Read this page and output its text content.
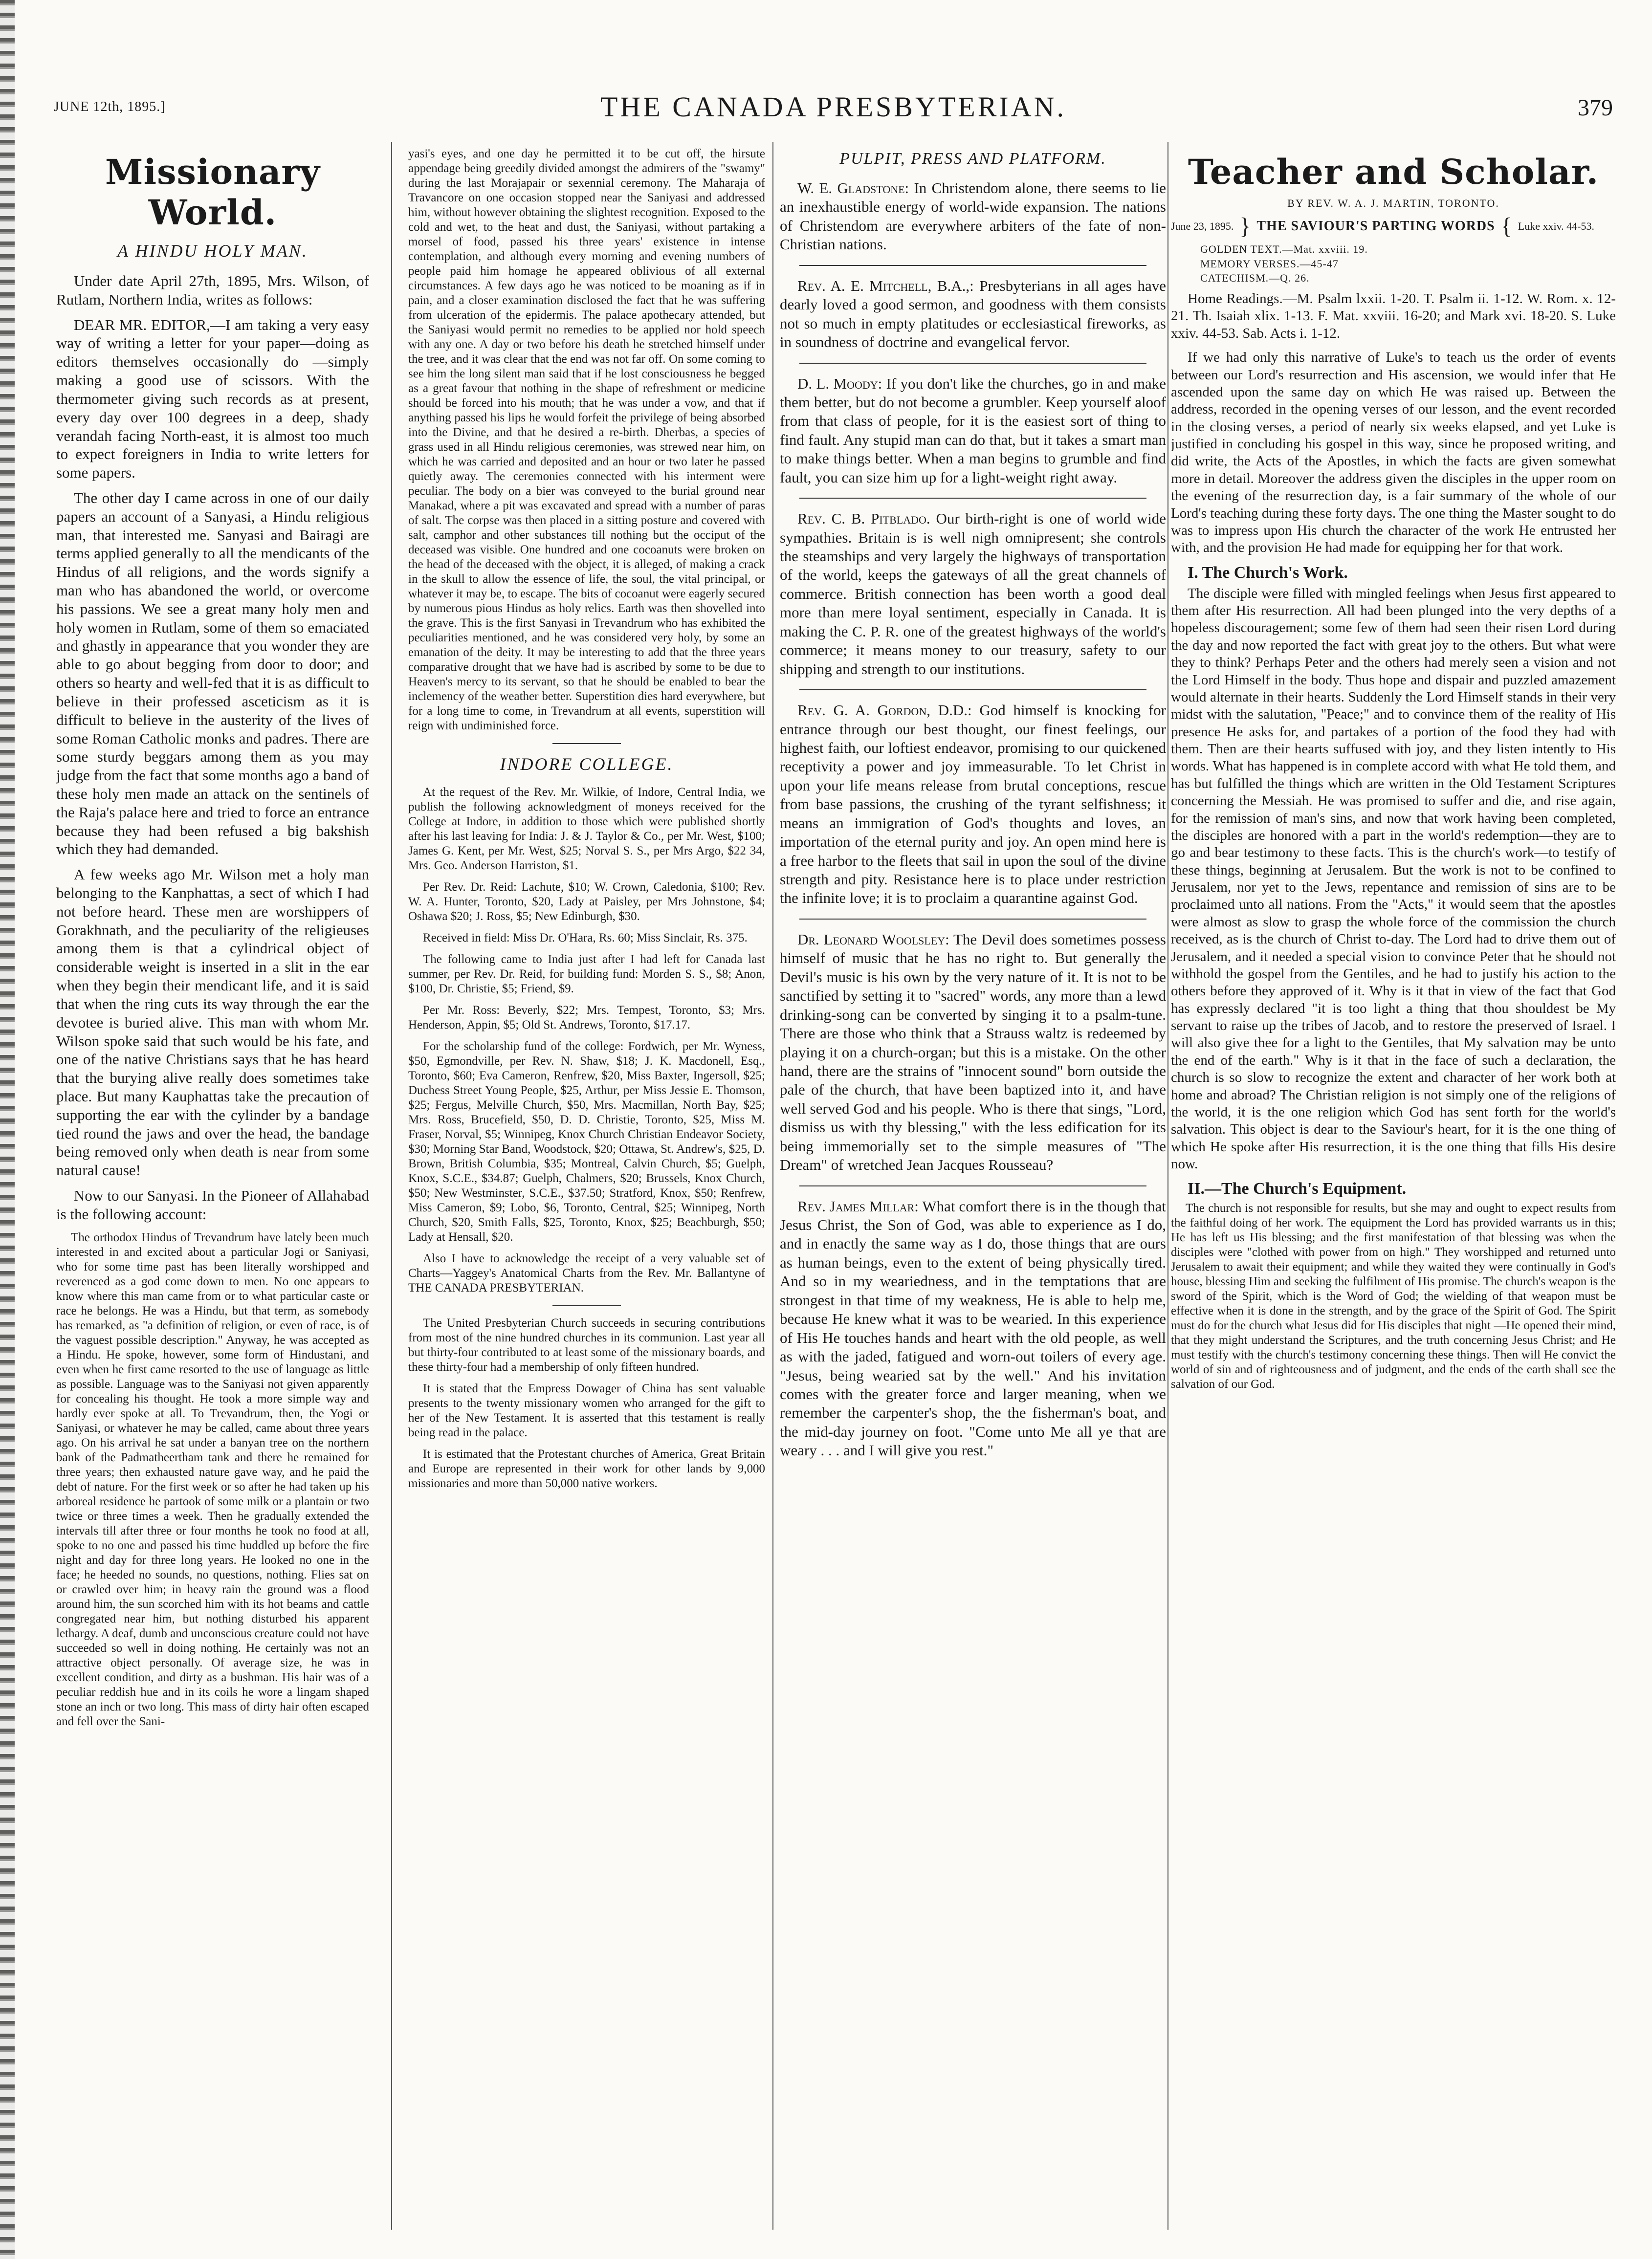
JUNE 12th, 1895.]	THE CANADA PRESBYTERIAN.	379
Missionary World.
A HINDU HOLY MAN.

Under date April 27th, 1895, Mrs. Wilson, of Rutlam, Northern India, writes as follows:

DEAR MR. EDITOR,—I am taking a very easy way of writing a letter for your paper—doing as editors themselves occasionally do —simply making a good use of scissors. With the thermometer giving such records as at present, every day over 100 degrees in a deep, shady verandah facing North-east, it is almost too much to expect foreigners in India to write letters for some papers.

The other day I came across in one of our daily papers an account of a Sanyasi, a Hindu religious man, that interested me. Sanyasi and Bairagi are terms applied generally to all the mendicants of the Hindus of all religions, and the words signify a man who has abandoned the world, or overcome his passions. We see a great many holy men and holy women in Rutlam, some of them so emaciated and ghastly in appearance that you wonder they are able to go about begging from door to door; and others so hearty and well-fed that it is as difficult to believe in their professed asceticism as it is difficult to believe in the austerity of the lives of some Roman Catholic monks and padres. There are some sturdy beggars among them as you may judge from the fact that some months ago a band of these holy men made an attack on the sentinels of the Raja's palace here and tried to force an entrance because they had been refused a big bakshish which they had demanded.

A few weeks ago Mr. Wilson met a holy man belonging to the Kanphattas, a sect of which I had not before heard. These men are worshippers of Gorakhnath, and the peculiarity of the religieuses among them is that a cylindrical object of considerable weight is inserted in a slit in the ear when they begin their mendicant life, and it is said that when the ring cuts its way through the ear the devotee is buried alive. This man with whom Mr. Wilson spoke said that such would be his fate, and one of the native Christians says that he has heard that the burying alive really does sometimes take place. But many Kauphattas take the precaution of supporting the ear with the cylinder by a bandage tied round the jaws and over the head, the bandage being removed only when death is near from some natural cause!

Now to our Sanyasi. In the Pioneer of Allahabad is the following account:

The orthodox Hindus of Trevandrum have lately been much interested in and excited about a particular Jogi or Saniyasi, who for some time past has been literally worshipped and reverenced as a god come down to men. No one appears to know where this man came from or to what particular caste or race he belongs. He was a Hindu, but that term, as somebody has remarked, as "a definition of religion, or even of race, is of the vaguest possible description." Anyway, he was accepted as a Hindu. He spoke, however, some form of Hindustani, and even when he first came resorted to the use of language as little as possible. Language was to the Saniyasi not given apparently for concealing his thought. He took a more simple way and hardly ever spoke at all. To Trevandrum, then, the Yogi or Saniyasi, or whatever he may be called, came about three years ago. On his arrival he sat under a banyan tree on the northern bank of the Padmatheertham tank and there he remained for three years; then exhausted nature gave way, and he paid the debt of nature. For the first week or so after he had taken up his arboreal residence he partook of some milk or a plantain or two twice or three times a week. Then he gradually extended the intervals till after three or four months he took no food at all, spoke to no one and passed his time huddled up before the fire night and day for three long years. He looked no one in the face; he heeded no sounds, no questions, nothing. Flies sat on or crawled over him; in heavy rain the ground was a flood around him, the sun scorched him with its hot beams and cattle congregated near him, but nothing disturbed his apparent lethargy. A deaf, dumb and unconscious creature could not have succeeded so well in doing nothing. He certainly was not an attractive object personally. Of average size, he was in excellent condition, and dirty as a bushman. His hair was of a peculiar reddish hue and in its coils he wore a lingam shaped stone an inch or two long. This mass of dirty hair often escaped and fell over the Sani-

yasi's eyes, and one day he permitted it to be cut off, the hirsute appendage being greedily divided amongst the admirers of the "swamy" during the last Morajapair or sexennial ceremony. The Maharaja of Travancore on one occasion stopped near the Saniyasi and addressed him, without however obtaining the slightest recognition. Exposed to the cold and wet, to the heat and dust, the Saniyasi, without partaking a morsel of food, passed his three years' existence in intense contemplation, and although every morning and evening numbers of people paid him homage he appeared oblivious of all external circumstances. A few days ago he was noticed to be moaning as if in pain, and a closer examination disclosed the fact that he was suffering from ulceration of the epidermis. The palace apothecary attended, but the Saniyasi would permit no remedies to be applied nor hold speech with any one. A day or two before his death he stretched himself under the tree, and it was clear that the end was not far off. On some coming to see him the long silent man said that if he lost consciousness he begged as a great favour that nothing in the shape of refreshment or medicine should be forced into his mouth; that he was under a vow, and that if anything passed his lips he would forfeit the privilege of being absorbed into the Divine, and that he desired a re-birth. Dherbas, a species of grass used in all Hindu religious ceremonies, was strewed near him, on which he was carried and deposited and an hour or two later he passed quietly away. The ceremonies connected with his interment were peculiar. The body on a bier was conveyed to the burial ground near Manakad, where a pit was excavated and spread with a number of paras of salt. The corpse was then placed in a sitting posture and covered with salt, camphor and other substances till nothing but the occiput of the deceased was visible. One hundred and one cocoanuts were broken on the head of the deceased with the object, it is alleged, of making a crack in the skull to allow the essence of life, the soul, the vital principal, or whatever it may be, to escape. The bits of cocoanut were eagerly secured by numerous pious Hindus as holy relics. Earth was then shovelled into the grave. This is the first Sanyasi in Trevandrum who has exhibited the peculiarities mentioned, and he was considered very holy, by some an emanation of the deity. It may be interesting to add that the three years comparative drought that we have had is ascribed by some to be due to Heaven's mercy to its servant, so that he should be enabled to bear the inclemency of the weather better. Superstition dies hard everywhere, but for a long time to come, in Trevandrum at all events, superstition will reign with undiminished force.

INDORE COLLEGE.

At the request of the Rev. Mr. Wilkie, of Indore, Central India, we publish the following acknowledgment of moneys received for the College at Indore, in addition to those which were published shortly after his last leaving for India: J. & J. Taylor & Co., per Mr. West, $100; James G. Kent, per Mr. West, $25; Norval S. S., per Mrs Argo, $22 34, Mrs. Geo. Anderson Harriston, $1.

Per Rev. Dr. Reid: Lachute, $10; W. Crown, Caledonia, $100; Rev. W. A. Hunter, Toronto, $20, Lady at Paisley, per Mrs Johnstone, $4; Oshawa $20; J. Ross, $5; New Edinburgh, $30.

Received in field: Miss Dr. O'Hara, Rs. 60; Miss Sinclair, Rs. 375.

The following came to India just after I had left for Canada last summer, per Rev. Dr. Reid, for building fund: Morden S. S., $8; Anon, $100, Dr. Christie, $5; Friend, $9.

Per Mr. Ross: Beverly, $22; Mrs. Tempest, Toronto, $3; Mrs. Henderson, Appin, $5; Old St. Andrews, Toronto, $17.17.

For the scholarship fund of the college: Fordwich, per Mr. Wyness, $50, Egmondville, per Rev. N. Shaw, $18; J. K. Macdonell, Esq., Toronto, $60; Eva Cameron, Renfrew, $20, Miss Baxter, Ingersoll, $25; Duchess Street Young People, $25, Arthur, per Miss Jessie E. Thomson, $25; Fergus, Melville Church, $50, Mrs. Macmillan, North Bay, $25; Mrs. Ross, Brucefield, $50, D. D. Christie, Toronto, $25, Miss M. Fraser, Norval, $5; Winnipeg, Knox Church Christian Endeavor Society, $30; Morning Star Band, Woodstock, $20; Ottawa, St. Andrew's, $25, D. Brown, British Columbia, $35; Montreal, Calvin Church, $5; Guelph, Knox, S.C.E., $34.87; Guelph, Chalmers, $20; Brussels, Knox Church, $50; New Westminster, S.C.E., $37.50; Stratford, Knox, $50; Renfrew, Miss Cameron, $9; Lobo, $6, Toronto, Central, $25; Winnipeg, North Church, $20, Smith Falls, $25, Toronto, Knox, $25; Beachburgh, $50; Lady at Hensall, $20.

Also I have to acknowledge the receipt of a very valuable set of Charts—Yaggey's Anatomical Charts from the Rev. Mr. Ballantyne of THE CANADA PRESBYTERIAN.

The United Presbyterian Church succeeds in securing contributions from most of the nine hundred churches in its communion. Last year all but thirty-four contributed to at least some of the missionary boards, and these thirty-four had a membership of only fifteen hundred.

It is stated that the Empress Dowager of China has sent valuable presents to the twenty missionary women who arranged for the gift to her of the New Testament. It is asserted that this testament is really being read in the palace.

It is estimated that the Protestant churches of America, Great Britain and Europe are represented in their work for other lands by 9,000 missionaries and more than 50,000 native workers.

PULPIT, PRESS AND PLATFORM.

W. E. Gladstone: In Christendom alone, there seems to lie an inexhaustible energy of world-wide expansion. The nations of Christendom are everywhere arbiters of the fate of non-Christian nations.

Rev. A. E. Mitchell, B.A.,: Presbyterians in all ages have dearly loved a good sermon, and goodness with them consists not so much in empty platitudes or ecclesiastical fireworks, as in soundness of doctrine and evangelical fervor.

D. L. Moody: If you don't like the churches, go in and make them better, but do not become a grumbler. Keep yourself aloof from that class of people, for it is the easiest sort of thing to find fault. Any stupid man can do that, but it takes a smart man to make things better. When a man begins to grumble and find fault, you can size him up for a light-weight right away.

Rev. C. B. Pitblado. Our birth-right is one of world wide sympathies. Britain is is well nigh omnipresent; she controls the steamships and very largely the highways of transportation of the world, keeps the gateways of all the great channels of commerce. British connection has been worth a good deal more than mere loyal sentiment, especially in Canada. It is making the C. P. R. one of the greatest highways of the world's commerce; it means money to our treasury, safety to our shipping and strength to our institutions.

Rev. G. A. Gordon, D.D.: God himself is knocking for entrance through our best thought, our finest feelings, our highest faith, our loftiest endeavor, promising to our quickened receptivity a power and joy immeasurable. To let Christ in upon your life means release from brutal conceptions, rescue from base passions, the crushing of the tyrant selfishness; it means an immigration of God's thoughts and loves, an importation of the eternal purity and joy. An open mind here is a free harbor to the fleets that sail in upon the soul of the divine strength and pity. Resistance here is to place under restriction the infinite love; it is to proclaim a quarantine against God.

Dr. Leonard Woolsley: The Devil does sometimes possess himself of music that he has no right to. But generally the Devil's music is his own by the very nature of it. It is not to be sanctified by setting it to "sacred" words, any more than a lewd drinking-song can be converted by singing it to a psalm-tune. There are those who think that a Strauss waltz is redeemed by playing it on a church-organ; but this is a mistake. On the other hand, there are the strains of "innocent sound" born outside the pale of the church, that have been baptized into it, and have well served God and his people. Who is there that sings, "Lord, dismiss us with thy blessing," with the less edification for its being immemorially set to the simple measures of "The Dream" of wretched Jean Jacques Rousseau?

Rev. James Millar: What comfort there is in the though that Jesus Christ, the Son of God, was able to experience as I do, and in enactly the same way as I do, those things that are ours as human beings, even to the extent of being physically tired. And so in my weariedness, and in the temptations that are strongest in that time of my weakness, He is able to help me, because He knew what it was to be wearied. In this experience of His He touches hands and heart with the old people, as well as with the jaded, fatigued and worn-out toilers of every age. "Jesus, being wearied sat by the well." And his invitation comes with the greater force and larger meaning, when we remember the carpenter's shop, the the fisherman's boat, and the mid-day journey on foot. "Come unto Me all ye that are weary . . . and I will give you rest."

Teacher and Scholar.
BY REV. W. A. J. MARTIN, TORONTO.
June 23, 1895. } THE SAVIOUR'S PARTING WORDS { Luke xxiv. 44-53.
GOLDEN TEXT.—Mat. xxviii. 19.
MEMORY VERSES.—45-47
CATECHISM.—Q. 26.

Home Readings.—M. Psalm lxxii. 1-20. T. Psalm ii. 1-12. W. Rom. x. 12-21. Th. Isaiah xlix. 1-13. F. Mat. xxviii. 16-20; and Mark xvi. 18-20. S. Luke xxiv. 44-53. Sab. Acts i. 1-12.

If we had only this narrative of Luke's to teach us the order of events between our Lord's resurrection and His ascension, we would infer that He ascended upon the same day on which He was raised up. Between the address, recorded in the opening verses of our lesson, and the event recorded in the closing verses, a period of nearly six weeks elapsed, and yet Luke is justified in concluding his gospel in this way, since he proposed writing, and did write, the Acts of the Apostles, in which the facts are given somewhat more in detail. Moreover the address given the disciples in the upper room on the evening of the resurrection day, is a fair summary of the whole of our Lord's teaching during these forty days. The one thing the Master sought to do was to impress upon His church the character of the work He entrusted her with, and the provision He had made for equipping her for that work.

I. The Church's Work.

The disciple were filled with mingled feelings when Jesus first appeared to them after His resurrection. All had been plunged into the very depths of a hopeless discouragement; some few of them had seen their risen Lord during the day and now reported the fact with great joy to the others. But what were they to think? Perhaps Peter and the others had merely seen a vision and not the Lord Himself in the body. Thus hope and dispair and puzzled amazement would alternate in their hearts. Suddenly the Lord Himself stands in their very midst with the salutation, "Peace;" and to convince them of the reality of His presence He asks for, and partakes of a portion of the food they had with them. Then are their hearts suffused with joy, and they listen intently to His words. What has happened is in complete accord with what He told them, and has but fulfilled the things which are written in the Old Testament Scriptures concerning the Messiah. He was promised to suffer and die, and rise again, for the remission of man's sins, and now that work having been completed, the disciples are honored with a part in the world's redemption—they are to go and bear testimony to these facts. This is the church's work—to testify of these things, beginning at Jerusalem. But the work is not to be confined to Jerusalem, nor yet to the Jews, repentance and remission of sins are to be proclaimed unto all nations. From the "Acts," it would seem that the apostles were almost as slow to grasp the whole force of the commission the church received, as is the church of Christ to-day. The Lord had to drive them out of Jerusalem, and it needed a special vision to convince Peter that he should not withhold the gospel from the Gentiles, and he had to justify his action to the others before they approved of it. Why is it that in view of the fact that God has expressly declared "it is too light a thing that thou shouldest be My servant to raise up the tribes of Jacob, and to restore the preserved of Israel. I will also give thee for a light to the Gentiles, that My salvation may be unto the end of the earth." Why is it that in the face of such a declaration, the church is so slow to recognize the extent and character of her work both at home and abroad? The Christian religion is not simply one of the religions of the world, it is the one religion which God has sent forth for the world's salvation. This object is dear to the Saviour's heart, for it is the one thing of which He spoke after His resurrection, it is the one thing that fills His desire now.

II.—The Church's Equipment.

The church is not responsible for results, but she may and ought to expect results from the faithful doing of her work. The equipment the Lord has provided warrants us in this; He has left us His blessing; and the first manifestation of that blessing was when the disciples were "clothed with power from on high." They worshipped and returned unto Jerusalem to await their equipment; and while they waited they were continually in God's house, blessing Him and seeking the fulfilment of His promise. The church's weapon is the sword of the Spirit, which is the Word of God; the wielding of that weapon must be effective when it is done in the strength, and by the grace of the Spirit of God. The Spirit must do for the church what Jesus did for His disciples that night —He opened their mind, that they might understand the Scriptures, and the truth concerning Jesus Christ; and He must testify with the church's testimony concerning these things. Then will He convict the world of sin and of righteousness and of judgment, and the ends of the earth shall see the salvation of our God.
